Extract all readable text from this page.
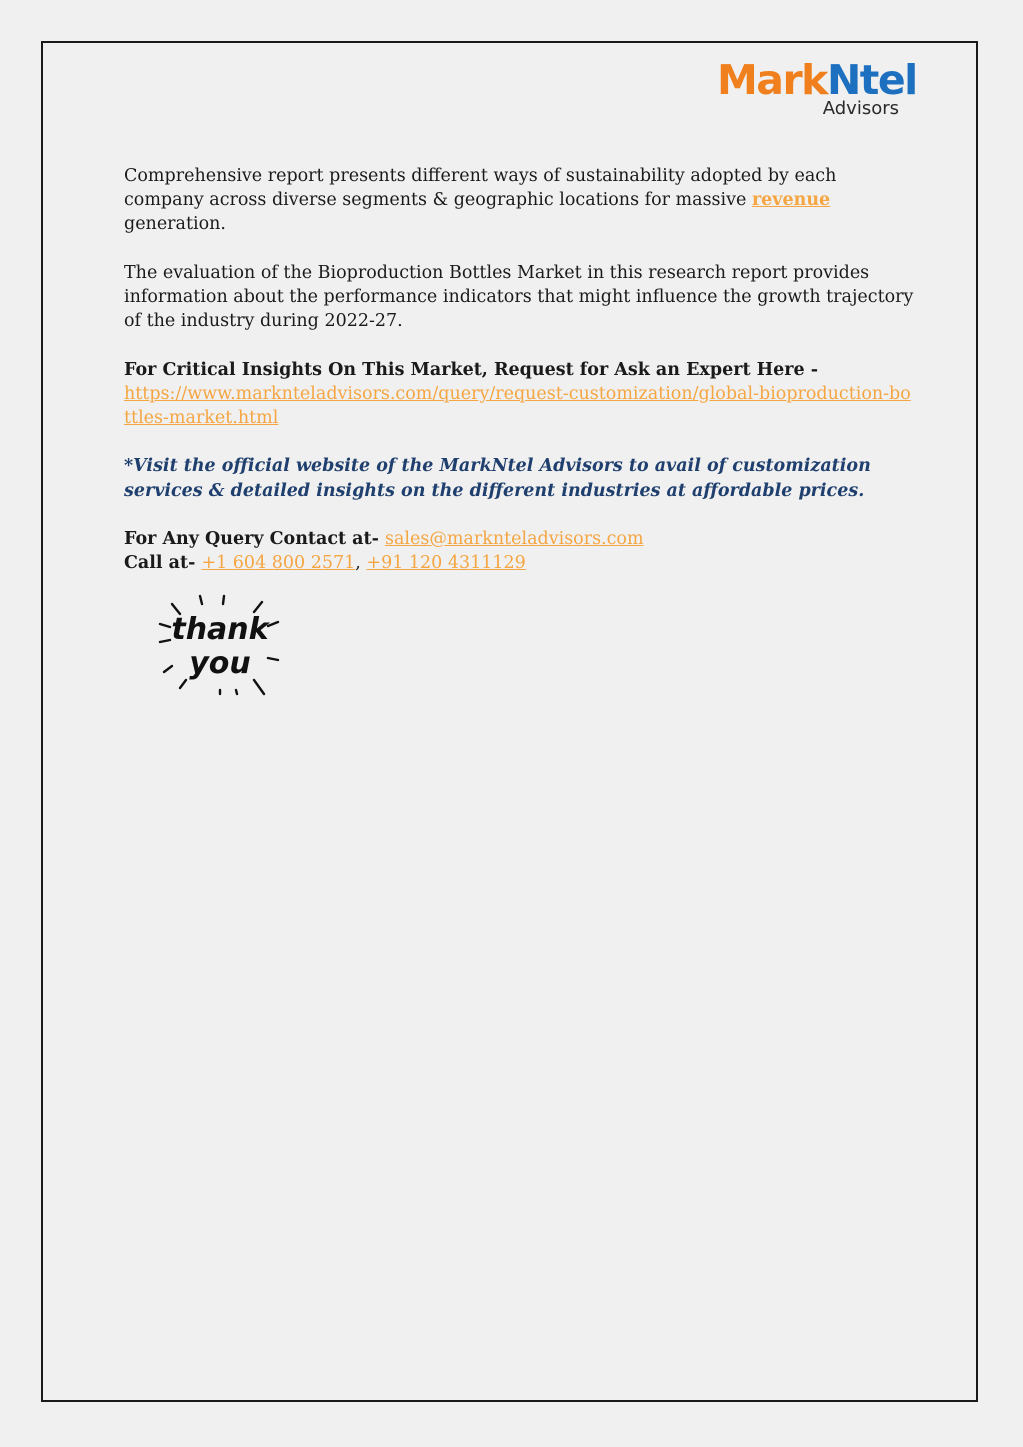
MarkNtel
Advisors

Comprehensive report presents different ways of sustainability adopted by each company across diverse segments & geographic locations for massive revenue generation.

The evaluation of the Bioproduction Bottles Market in this research report provides information about the performance indicators that might influence the growth trajectory of the industry during 2022-27.

For Critical Insights On This Market, Request for Ask an Expert Here -
https://www.marknteladvisors.com/query/request-customization/global-bioproduction-bottles-market.html

*Visit the official website of the MarkNtel Advisors to avail of customization services & detailed insights on the different industries at affordable prices.

For Any Query Contact at- sales@marknteladvisors.com
Call at- +1 604 800 2571, +91 120 4311129
thank
you
